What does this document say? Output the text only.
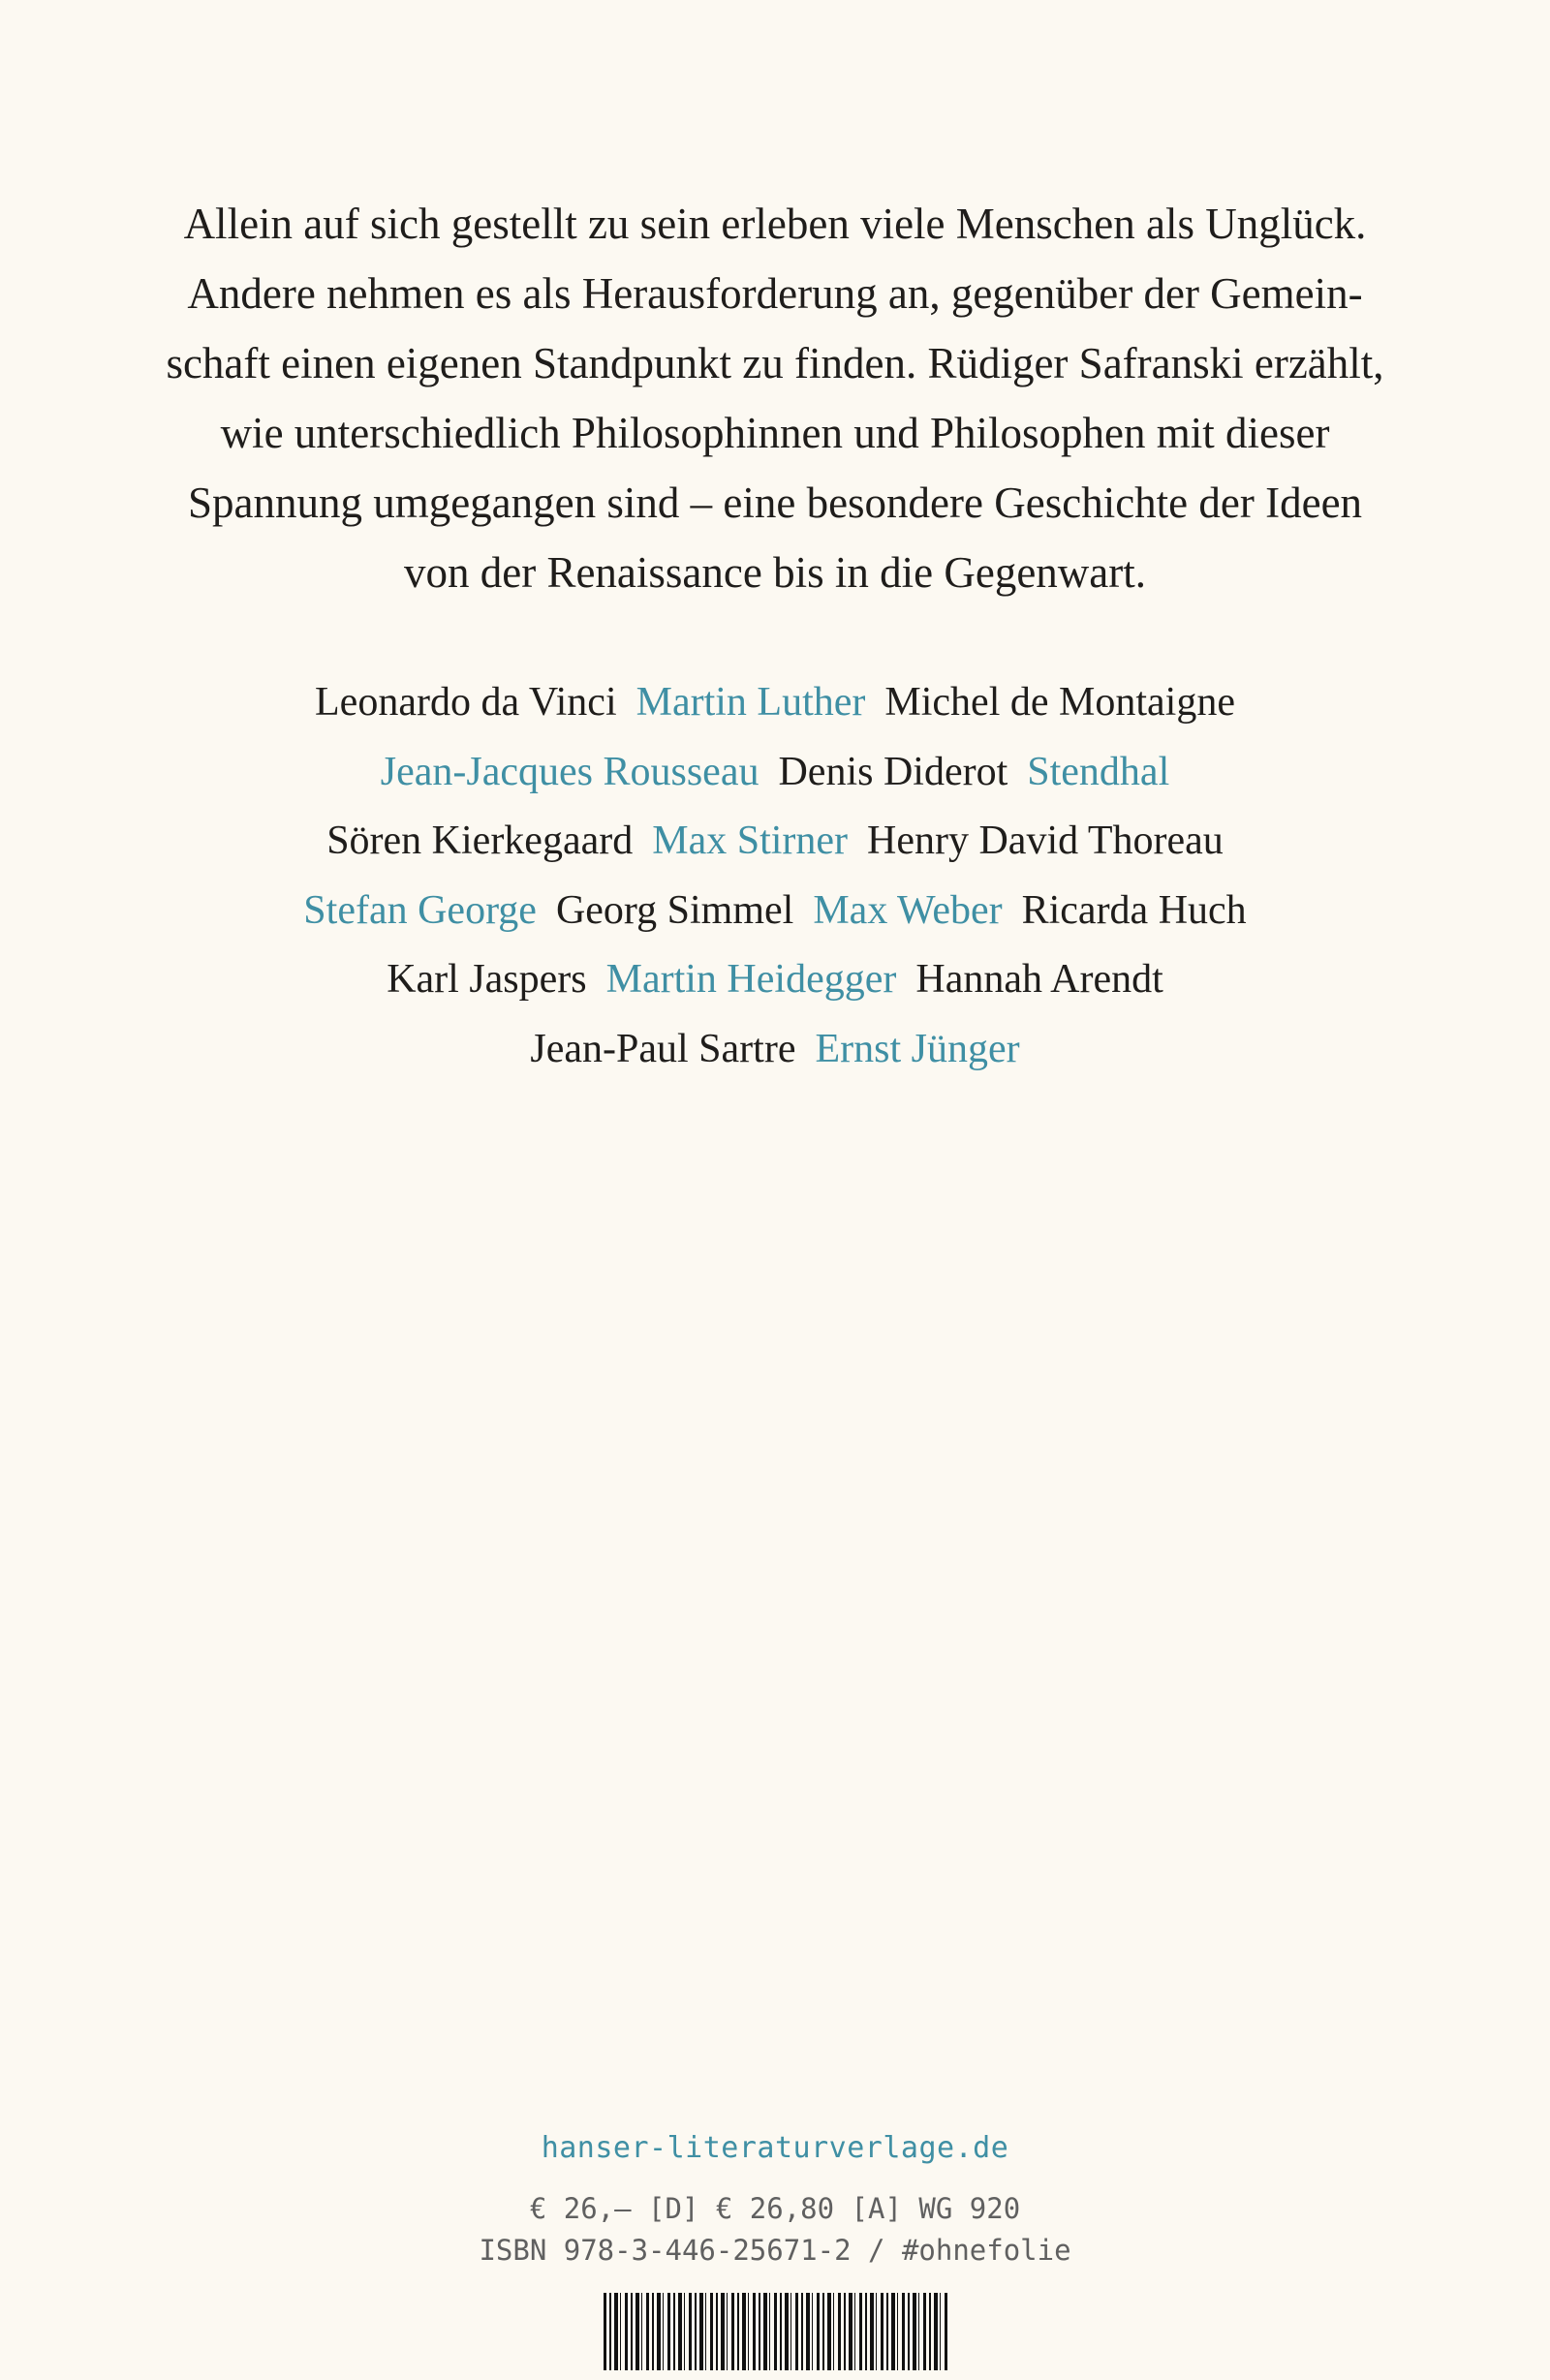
Allein auf sich gestellt zu sein erleben viele Menschen als Unglück.
Andere nehmen es als Herausforderung an, gegenüber der Gemein-
schaft einen eigenen Standpunkt zu finden. Rüdiger Safranski erzählt,
wie unterschiedlich Philosophinnen und Philosophen mit dieser
Spannung umgegangen sind – eine besondere Geschichte der Ideen
von der Renaissance bis in die Gegenwart.
Leonardo da Vinci Martin Luther Michel de Montaigne
Jean-Jacques Rousseau Denis Diderot Stendhal
Sören Kierkegaard Max Stirner Henry David Thoreau
Stefan George Georg Simmel Max Weber Ricarda Huch
Karl Jaspers Martin Heidegger Hannah Arendt
Jean-Paul Sartre Ernst Jünger
hanser-literaturverlage.de
€ 26,– [D] € 26,80 [A] WG 920
ISBN 978-3-446-25671-2 / #ohnefolie
